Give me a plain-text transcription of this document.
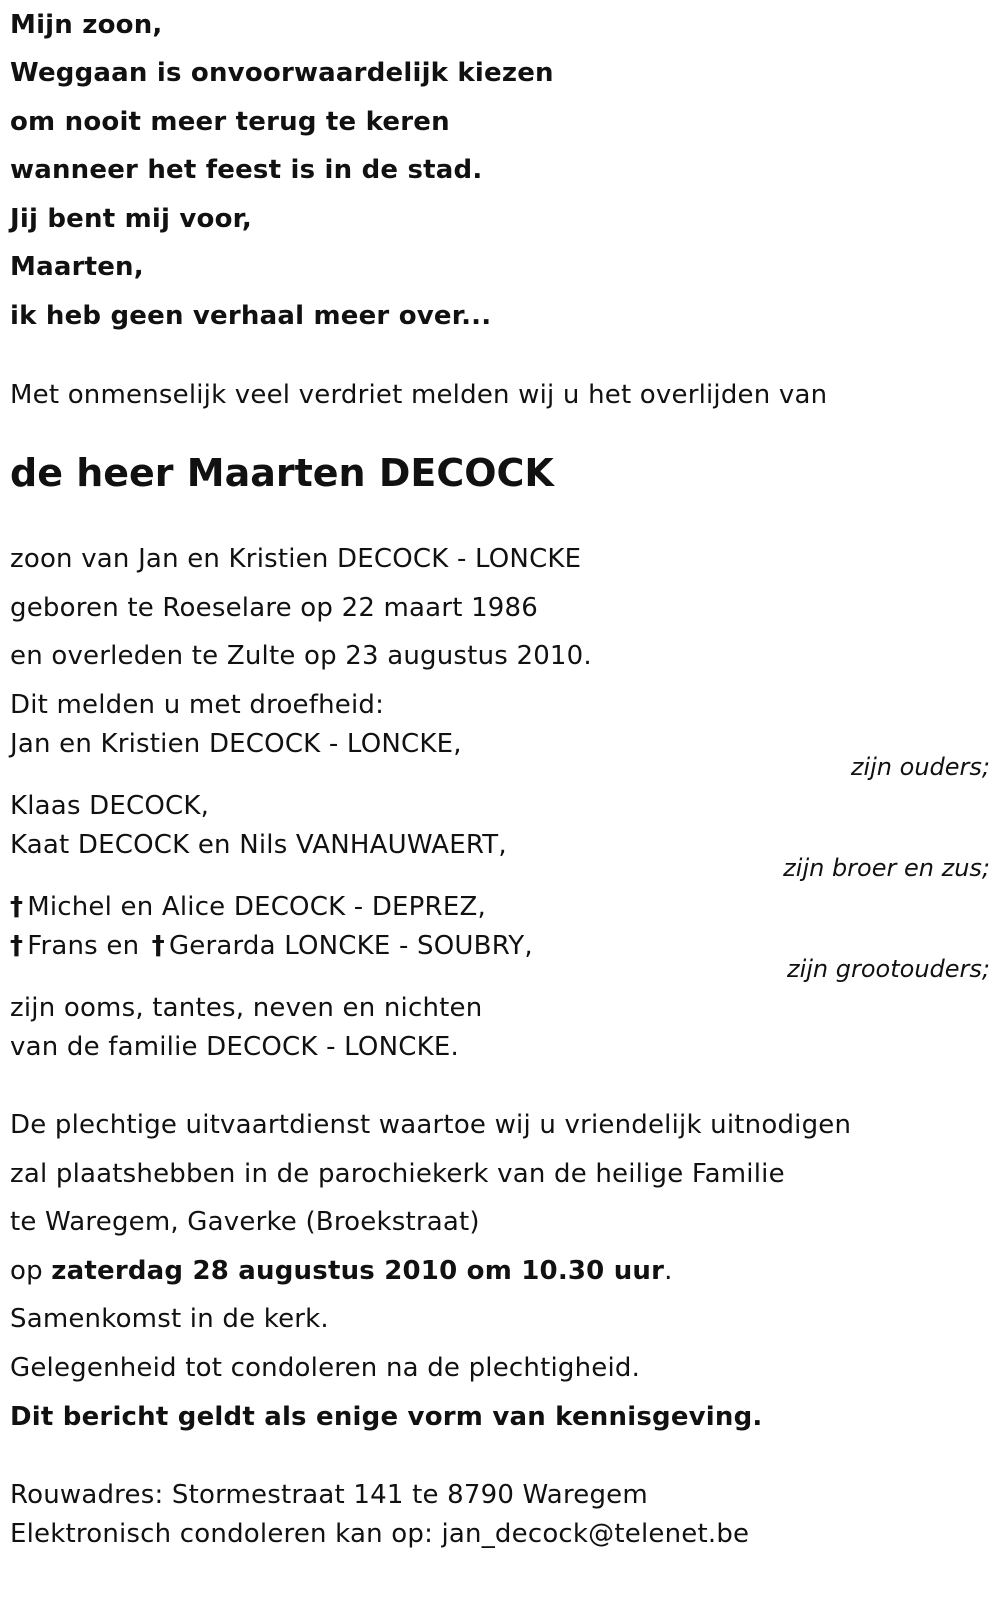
Mijn zoon,
Weggaan is onvoorwaardelijk kiezen
om nooit meer terug te keren
wanneer het feest is in de stad.
Jij bent mij voor,
Maarten,
ik heb geen verhaal meer over...
Met onmenselijk veel verdriet melden wij u het overlijden van
de heer Maarten DECOCK
zoon van Jan en Kristien DECOCK - LONCKE
geboren te Roeselare op 22 maart 1986
en overleden te Zulte op 23 augustus 2010.
Dit melden u met droefheid:
Jan en Kristien DECOCK - LONCKE,
zijn ouders;
Klaas DECOCK,
Kaat DECOCK en Nils VANHAUWAERT,
zijn broer en zus;
† Michel en Alice DECOCK - DEPREZ,
† Frans en † Gerarda LONCKE - SOUBRY,
zijn grootouders;
zijn ooms, tantes, neven en nichten
van de familie DECOCK - LONCKE.
De plechtige uitvaartdienst waartoe wij u vriendelijk uitnodigen
zal plaatshebben in de parochiekerk van de heilige Familie
te Waregem, Gaverke (Broekstraat)
op zaterdag 28 augustus 2010 om 10.30 uur.
Samenkomst in de kerk.
Gelegenheid tot condoleren na de plechtigheid.
Dit bericht geldt als enige vorm van kennisgeving.
Rouwadres: Stormestraat 141 te 8790 Waregem
Elektronisch condoleren kan op: jan_decock@telenet.be
